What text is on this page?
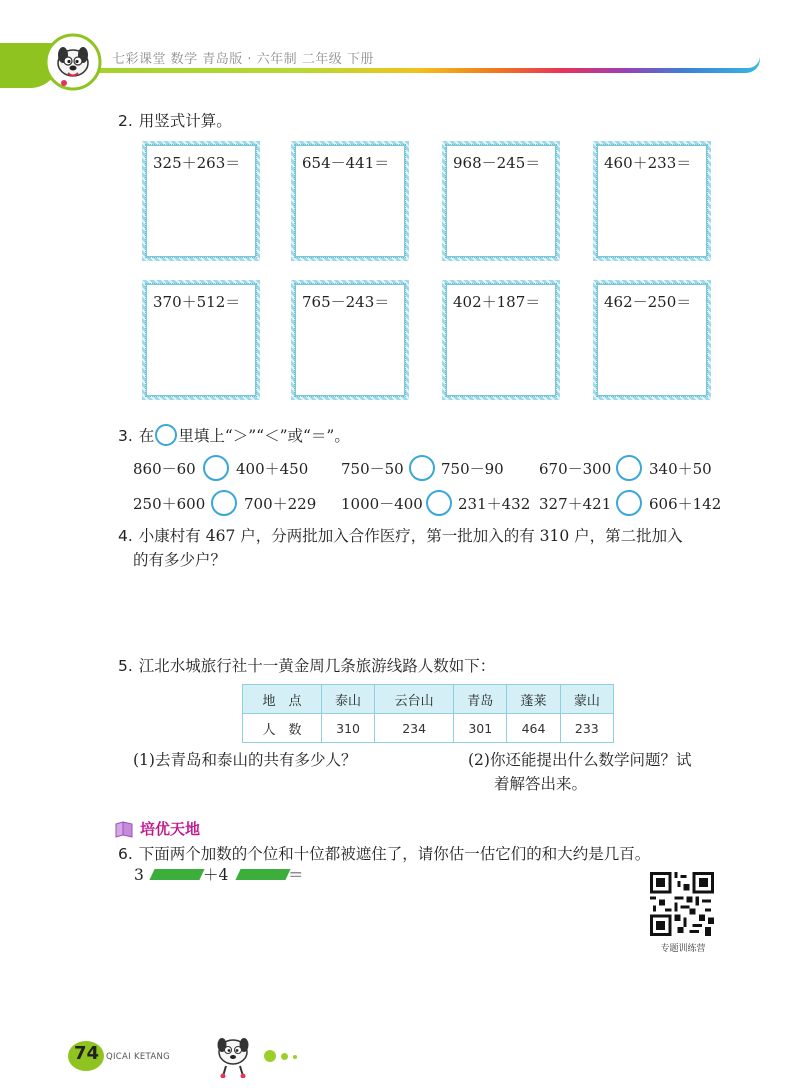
七彩课堂 数学 青岛版 · 六年制 二年级 下册
2. 用竖式计算。
325＋263＝	654－441＝	968－245＝	460＋233＝
370＋512＝	765－243＝	402＋187＝	462－250＝
3. 在 里填上“＞”“＜”或“＝”。
860－60	400＋450 750－50 750－90 670－300	340＋50
250＋600	700＋229 1000－400 231＋432 327＋421	606＋142
4. 小康村有 467 户，分两批加入合作医疗，第一批加入的有 310 户，第二批加入
的有多少户？
5. 江北水城旅行社十一黄金周几条旅游线路人数如下：
地　点	泰山	云台山	青岛	蓬莱	蒙山
人　数	310	234	301	464	233
(1)去青岛和泰山的共有多少人？	(2)你还能提出什么数学问题？试
着解答出来。
培优天地
6. 下面两个加数的个位和十位都被遮住了，请你估一估它们的和大约是几百。
3	＋4	＝
专题训练营
74 QICAI KETANG
